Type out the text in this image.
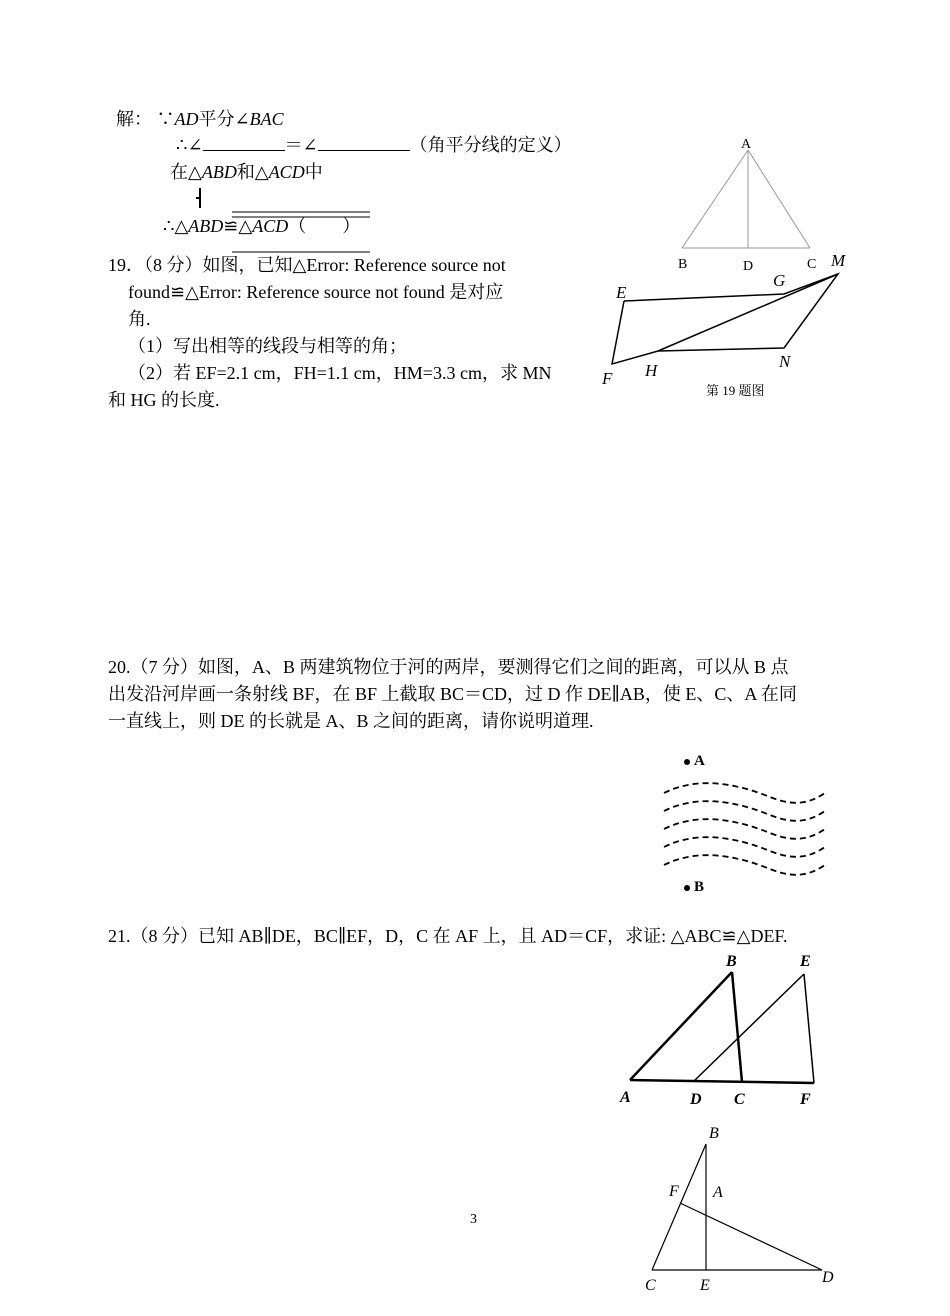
解： ∵AD平分∠BAC
∴∠	＝∠	（角平分线的定义）
在△ABD和△ACD中
∴△ABD≌△ACD（　　）
A
B	D	C
19．（8 分）如图，已知△Error: Reference source not
found≌△Error: Reference source not found 是对应
角.
（1）写出相等的线段与相等的角；
（2）若 EF=2.1 cm，FH=1.1 cm，HM=3.3 cm，求 MN
和 HG 的长度.
E
G
M
F H	N
第 19 题图
20.（7 分）如图，A、B 两建筑物位于河的两岸，要测得它们之间的距离，可以从 B 点
出发沿河岸画一条射线 BF，在 BF 上截取 BC＝CD，过 D 作 DE∥AB，使 E、C、A 在同
一直线上，则 DE 的长就是 A、B 之间的距离，请你说明道理.
A
B
21.（8 分）已知 AB∥DE，BC∥EF，D，C 在 AF 上，且 AD＝CF，求证: △ABC≌△DEF.
B	E
A	D C	F
B
F A
C	E	D
3
